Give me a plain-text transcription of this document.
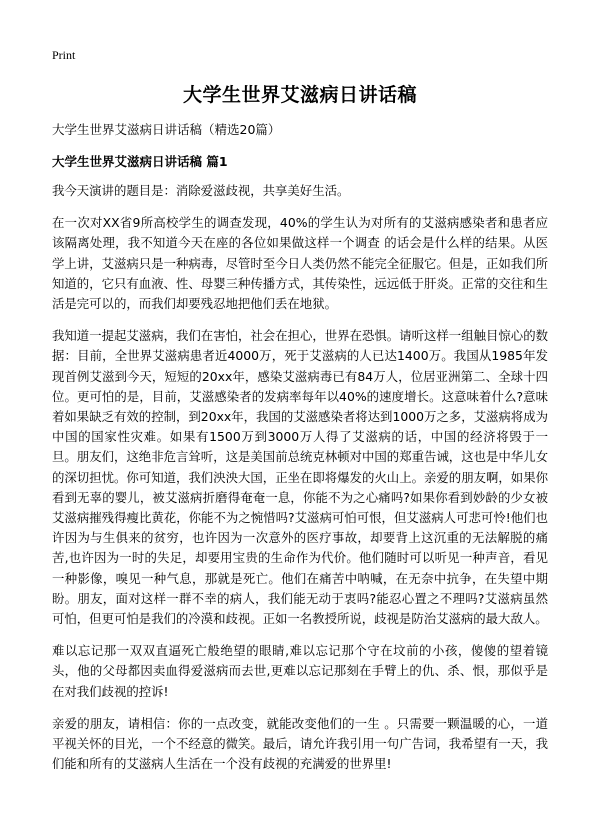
Print
大学生世界艾滋病日讲话稿
大学生世界艾滋病日讲话稿（精选20篇）
大学生世界艾滋病日讲话稿 篇1

我今天演讲的题目是：消除爱滋歧视，共享美好生活。

在一次对XX省9所高校学生的调查发现，40%的学生认为对所有的艾滋病感染者和患者应该隔离处理，我不知道今天在座的各位如果做这样一个调查 的话会是什么样的结果。从医学上讲，艾滋病只是一种病毒，尽管时至今日人类仍然不能完全征服它。但是，正如我们所知道的，它只有血液、性、母婴三种传播方式，其传染性，远远低于肝炎。正常的交往和生活是完可以的，而我们却要残忍地把他们丢在地狱。

我知道一提起艾滋病，我们在害怕，社会在担心，世界在恐惧。请听这样一组触目惊心的数据：目前，全世界艾滋病患者近4000万，死于艾滋病的人已达1400万。我国从1985年发现首例艾滋到今天，短短的20xx年，感染艾滋病毒已有84万人，位居亚洲第二、全球十四位。更可怕的是，目前，艾滋感染者的发病率每年以40%的速度增长。这意味着什么?意味着如果缺乏有效的控制，到20xx年，我国的艾滋感染者将达到1000万之多，艾滋病将成为中国的国家性灾难。如果有1500万到3000万人得了艾滋病的话，中国的经济将毁于一旦。朋友们，这绝非危言耸听，这是美国前总统克林顿对中国的郑重告诫，这也是中华儿女的深切担忧。你可知道，我们泱泱大国，正坐在即将爆发的火山上。亲爱的朋友啊，如果你看到无辜的婴儿，被艾滋病折磨得奄奄一息，你能不为之心痛吗?如果你看到妙龄的少女被艾滋病摧残得瘦比黄花，你能不为之惋惜吗?艾滋病可怕可恨，但艾滋病人可悲可怜!他们也许因为与生俱来的贫穷，也许因为一次意外的医疗事故，却要背上这沉重的无法解脱的痛苦,也许因为一时的失足，却要用宝贵的生命作为代价。他们随时可以听见一种声音，看见一种影像，嗅见一种气息，那就是死亡。他们在痛苦中呐喊，在无奈中抗争，在失望中期盼。朋友，面对这样一群不幸的病人，我们能无动于衷吗?能忍心置之不理吗?艾滋病虽然可怕，但更可怕是我们的冷漠和歧视。正如一名教授所说，歧视是防治艾滋病的最大敌人。

难以忘记那一双双直逼死亡般绝望的眼睛,难以忘记那个守在坟前的小孩，傻傻的望着镜头，他的父母都因卖血得爱滋病而去世,更难以忘记那刻在手臂上的仇、杀、恨，那似乎是在对我们歧视的控诉!

亲爱的朋友，请相信：你的一点改变，就能改变他们的一生 。只需要一颗温暖的心，一道平视关怀的目光，一个不经意的微笑。最后，请允许我引用一句广告词，我希望有一天，我们能和所有的艾滋病人生活在一个没有歧视的充满爱的世界里!
